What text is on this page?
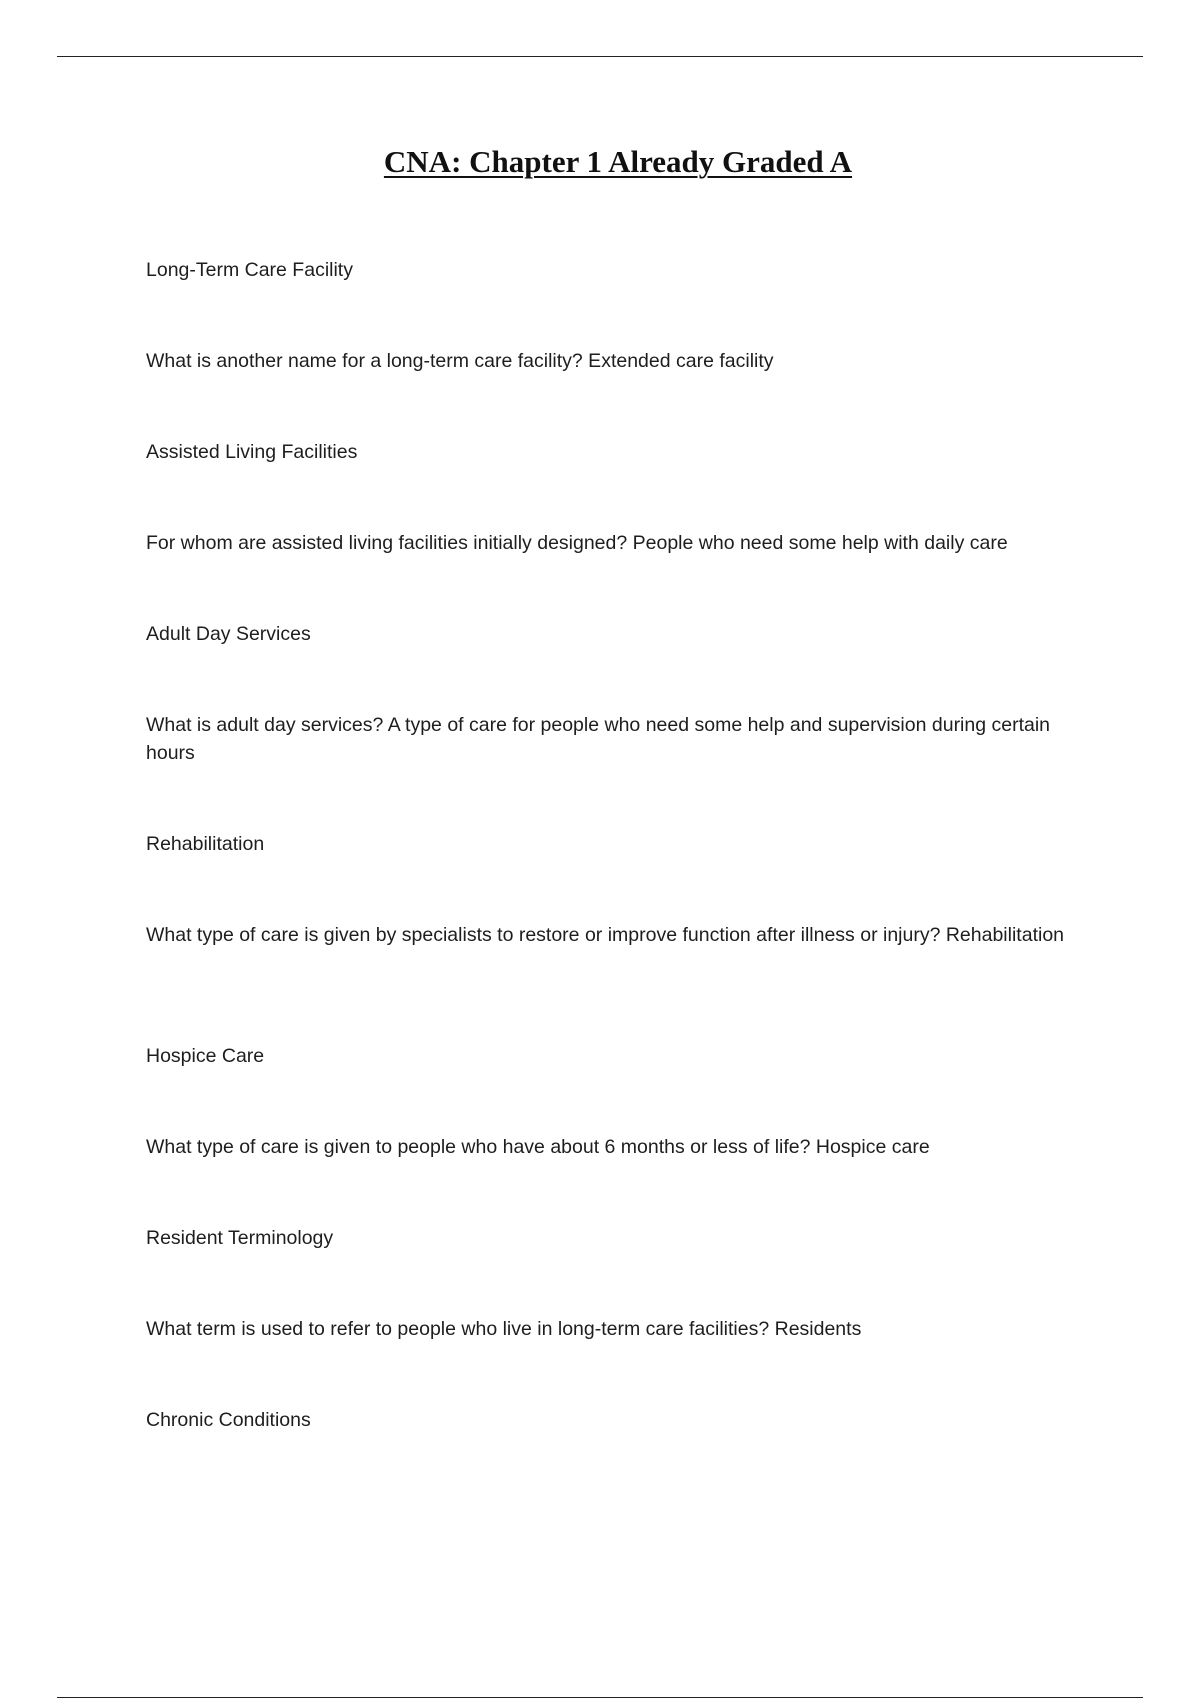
CNA: Chapter 1 Already Graded A

Long-Term Care Facility

What is another name for a long-term care facility? Extended care facility

Assisted Living Facilities

For whom are assisted living facilities initially designed? People who need some help with daily care

Adult Day Services

What is adult day services? A type of care for people who need some help and supervision during certain hours

Rehabilitation

What type of care is given by specialists to restore or improve function after illness or injury? Rehabilitation

Hospice Care

What type of care is given to people who have about 6 months or less of life? Hospice care

Resident Terminology

What term is used to refer to people who live in long-term care facilities? Residents

Chronic Conditions
